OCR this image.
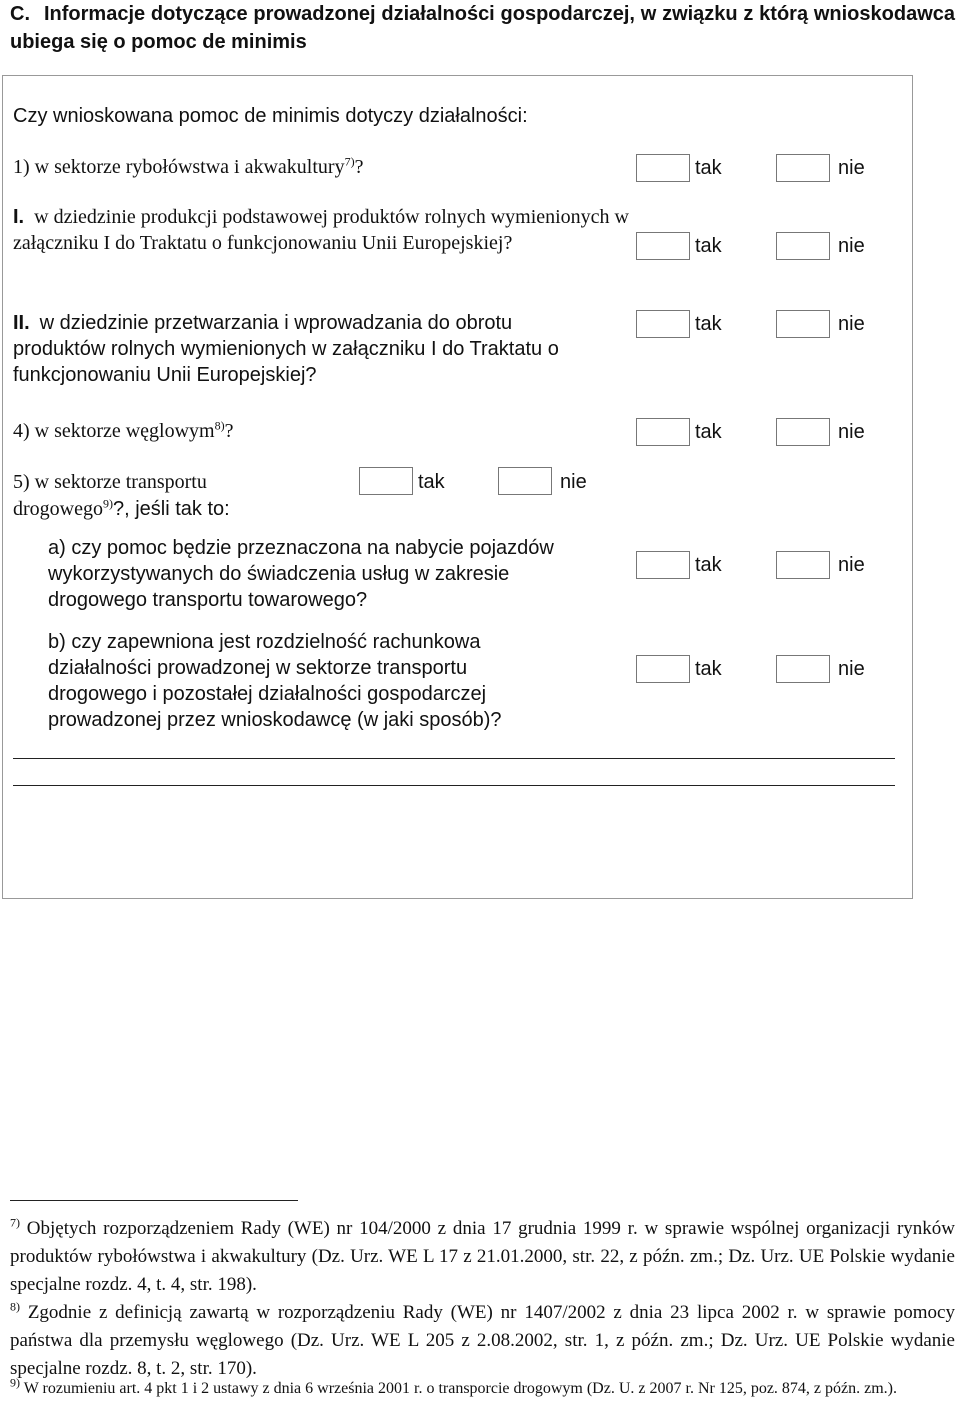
C. Informacje dotyczące prowadzonej działalności gospodarczej, w związku z którą wnioskodawca ubiega się o pomoc de minimis
Czy wnioskowana pomoc de minimis dotyczy działalności:
1) w sektorze rybołówstwa i akwakultury$^{7)}$?	tak	nie
I. w dziedzinie produkcji podstawowej produktów rolnych wymienionych w załączniku I do Traktatu o funkcjonowaniu Unii Europejskiej?	tak	nie
II. w dziedzinie przetwarzania i wprowadzania do obrotu produktów rolnych wymienionych w załączniku I do Traktatu o funkcjonowaniu Unii Europejskiej?
tak	nie
4) w sektorze węglowym$^{8)}$?	tak	nie
5) w sektorze transportu
drogowego$^{9)}$?, jeśli tak to:
tak	nie
a) czy pomoc będzie przeznaczona na nabycie pojazdów wykorzystywanych do świadczenia usług w zakresie drogowego transportu towarowego?
tak	nie
b) czy zapewniona jest rozdzielność rachunkowa działalności prowadzonej w sektorze transportu drogowego i pozostałej działalności gospodarczej prowadzonej przez wnioskodawcę (w jaki sposób)?
tak	nie
$^{7)}$ Objętych rozporządzeniem Rady (WE) nr 104/2000 z dnia 17 grudnia 1999 r. w sprawie wspólnej organizacji rynków produktów rybołówstwa i akwakultury (Dz. Urz. WE L 17 z 21.01.2000, str. 22, z późn. zm.; Dz. Urz. UE Polskie wydanie specjalne rozdz. 4, t. 4, str. 198).
$^{8)}$ Zgodnie z definicją zawartą w rozporządzeniu Rady (WE) nr 1407/2002 z dnia 23 lipca 2002 r. w sprawie pomocy państwa dla przemysłu węglowego (Dz. Urz. WE L 205 z 2.08.2002, str. 1, z późn. zm.; Dz. Urz. UE Polskie wydanie specjalne rozdz. 8, t. 2, str. 170).
$^{9)}$ W rozumieniu art. 4 pkt 1 i 2 ustawy z dnia 6 września 2001 r. o transporcie drogowym (Dz. U. z 2007 r. Nr 125, poz. 874, z późn. zm.).
